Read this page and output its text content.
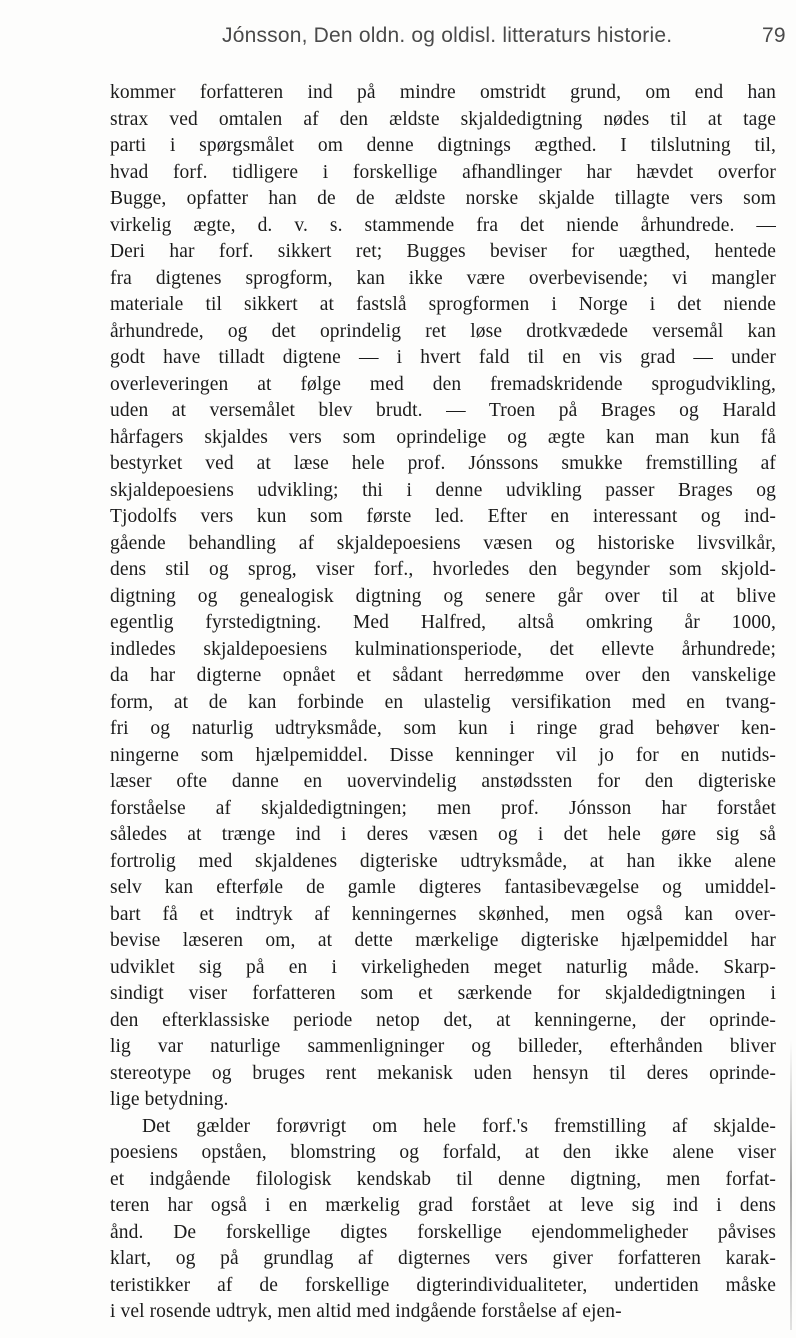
Jónsson, Den oldn. og oldisl. litteraturs historie.	79
kommer forfatteren ind på mindre omstridt grund, om end han
strax ved omtalen af den ældste skjaldedigtning nødes til at tage
parti i spørgsmålet om denne digtnings ægthed. I tilslutning til,
hvad forf. tidligere i forskellige afhandlinger har hævdet overfor
Bugge, opfatter han de de ældste norske skjalde tillagte vers som
virkelig ægte, d. v. s. stammende fra det niende århundrede. —
Deri har forf. sikkert ret; Bugges beviser for uægthed, hentede
fra digtenes sprogform, kan ikke være overbevisende; vi mangler
materiale til sikkert at fastslå sprogformen i Norge i det niende
århundrede, og det oprindelig ret løse drotkvædede versemål kan
godt have tilladt digtene — i hvert fald til en vis grad — under
overleveringen at følge med den fremadskridende sprogudvikling,
uden at versemålet blev brudt. — Troen på Brages og Harald
hårfagers skjaldes vers som oprindelige og ægte kan man kun få
bestyrket ved at læse hele prof. Jónssons smukke fremstilling af
skjaldepoesiens udvikling; thi i denne udvikling passer Brages og
Tjodolfs vers kun som første led. Efter en interessant og ind-
gående behandling af skjaldepoesiens væsen og historiske livsvilkår,
dens stil og sprog, viser forf., hvorledes den begynder som skjold-
digtning og genealogisk digtning og senere går over til at blive
egentlig fyrstedigtning. Med Halfred, altså omkring år 1000,
indledes skjaldepoesiens kulminationsperiode, det ellevte århundrede;
da har digterne opnået et sådant herredømme over den vanskelige
form, at de kan forbinde en ulastelig versifikation med en tvang-
fri og naturlig udtryksmåde, som kun i ringe grad behøver ken-
ningerne som hjælpemiddel. Disse kenninger vil jo for en nutids-
læser ofte danne en uovervindelig anstødssten for den digteriske
forståelse af skjaldedigtningen; men prof. Jónsson har forstået
således at trænge ind i deres væsen og i det hele gøre sig så
fortrolig med skjaldenes digteriske udtryksmåde, at han ikke alene
selv kan efterføle de gamle digteres fantasibevægelse og umiddel-
bart få et indtryk af kenningernes skønhed, men også kan over-
bevise læseren om, at dette mærkelige digteriske hjælpemiddel har
udviklet sig på en i virkeligheden meget naturlig måde. Skarp-
sindigt viser forfatteren som et særkende for skjaldedigtningen i
den efterklassiske periode netop det, at kenningerne, der oprinde-
lig var naturlige sammenligninger og billeder, efterhånden bliver
stereotype og bruges rent mekanisk uden hensyn til deres oprinde-
lige betydning.
Det gælder forøvrigt om hele forf.'s fremstilling af skjalde-
poesiens opståen, blomstring og forfald, at den ikke alene viser
et indgående filologisk kendskab til denne digtning, men forfat-
teren har også i en mærkelig grad forstået at leve sig ind i dens
ånd. De forskellige digtes forskellige ejendommeligheder påvises
klart, og på grundlag af digternes vers giver forfatteren karak-
teristikker af de forskellige digterindividualiteter, undertiden måske
i vel rosende udtryk, men altid med indgående forståelse af ejen-
